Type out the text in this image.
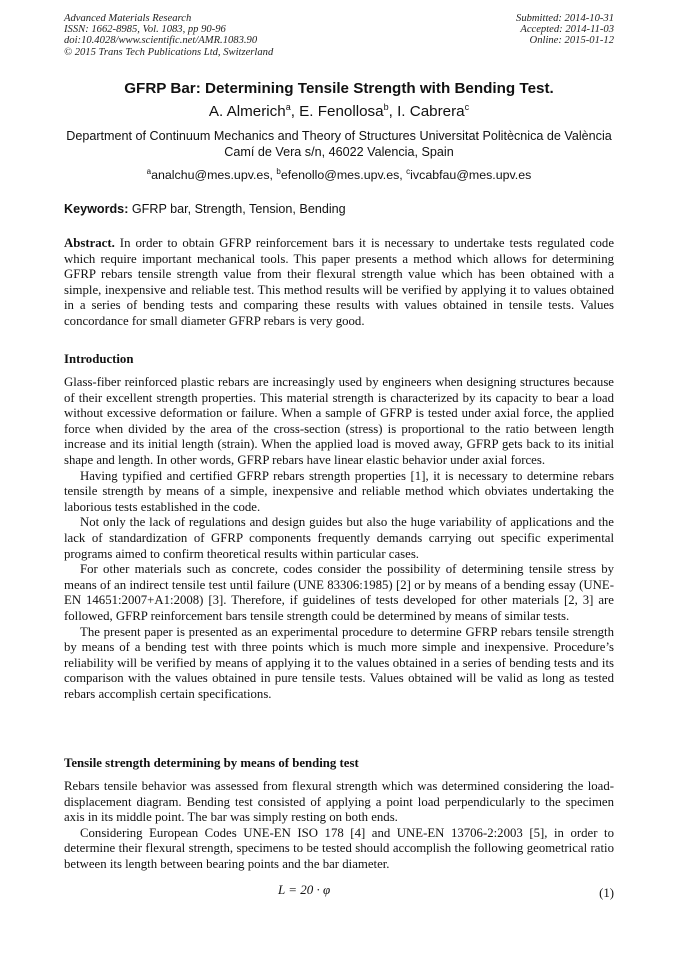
Advanced Materials Research
ISSN: 1662-8985, Vol. 1083, pp 90-96
doi:10.4028/www.scientific.net/AMR.1083.90
© 2015 Trans Tech Publications Ltd, Switzerland
Submitted: 2014-10-31
Accepted: 2014-11-03
Online: 2015-01-12
GFRP Bar: Determining Tensile Strength with Bending Test.
A. Almerich$^a$, E. Fenollosa$^b$, I. Cabrera$^c$
Department of Continuum Mechanics and Theory of Structures Universitat Politècnica de València
Camí de Vera s/n, 46022 Valencia, Spain
$^a$analchu@mes.upv.es, $^b$efenollo@mes.upv.es, $^c$ivcabfau@mes.upv.es
Keywords: GFRP bar, Strength, Tension, Bending

Abstract. In order to obtain GFRP reinforcement bars it is necessary to undertake tests regulated code which require important mechanical tools. This paper presents a method which allows for determining GFRP rebars tensile strength value from their flexural strength value which has been obtained with a simple, inexpensive and reliable test. This method results will be verified by applying it to values obtained in a series of bending tests and comparing these results with values obtained in tensile tests. Values concordance for small diameter GFRP rebars is very good.

Introduction

Glass-fiber reinforced plastic rebars are increasingly used by engineers when designing structures because of their excellent strength properties. This material strength is characterized by its capacity to bear a load without excessive deformation or failure. When a sample of GFRP is tested under axial force, the applied force when divided by the area of the cross-section (stress) is proportional to the ratio between length increase and its initial length (strain). When the applied load is moved away, GFRP gets back to its initial shape and length. In other words, GFRP rebars have linear elastic behavior under axial forces.

Having typified and certified GFRP rebars strength properties [1], it is necessary to determine rebars tensile strength by means of a simple, inexpensive and reliable method which obviates undertaking the laborious tests established in the code.

Not only the lack of regulations and design guides but also the huge variability of applications and the lack of standardization of GFRP components frequently demands carrying out specific experimental programs aimed to confirm theoretical results within particular cases.

For other materials such as concrete, codes consider the possibility of determining tensile stress by means of an indirect tensile test until failure (UNE 83306:1985) [2] or by means of a bending essay (UNE-EN 14651:2007+A1:2008) [3]. Therefore, if guidelines of tests developed for other materials [2, 3] are followed, GFRP reinforcement bars tensile strength could be determined by means of similar tests.

The present paper is presented as an experimental procedure to determine GFRP rebars tensile strength by means of a bending test with three points which is much more simple and inexpensive. Procedure’s reliability will be verified by means of applying it to the values obtained in a series of bending tests and its comparison with the values obtained in pure tensile tests. Values obtained will be valid as long as tested rebars accomplish certain specifications.

Tensile strength determining by means of bending test

Rebars tensile behavior was assessed from flexural strength which was determined considering the load-displacement diagram. Bending test consisted of applying a point load perpendicularly to the specimen axis in its middle point. The bar was simply resting on both ends.

Considering European Codes UNE-EN ISO 178 [4] and UNE-EN 13706-2:2003 [5], in order to determine their flexural strength, specimens to be tested should accomplish the following geometrical ratio between its length between bearing points and the bar diameter.

L = 20 · φ	(1)
